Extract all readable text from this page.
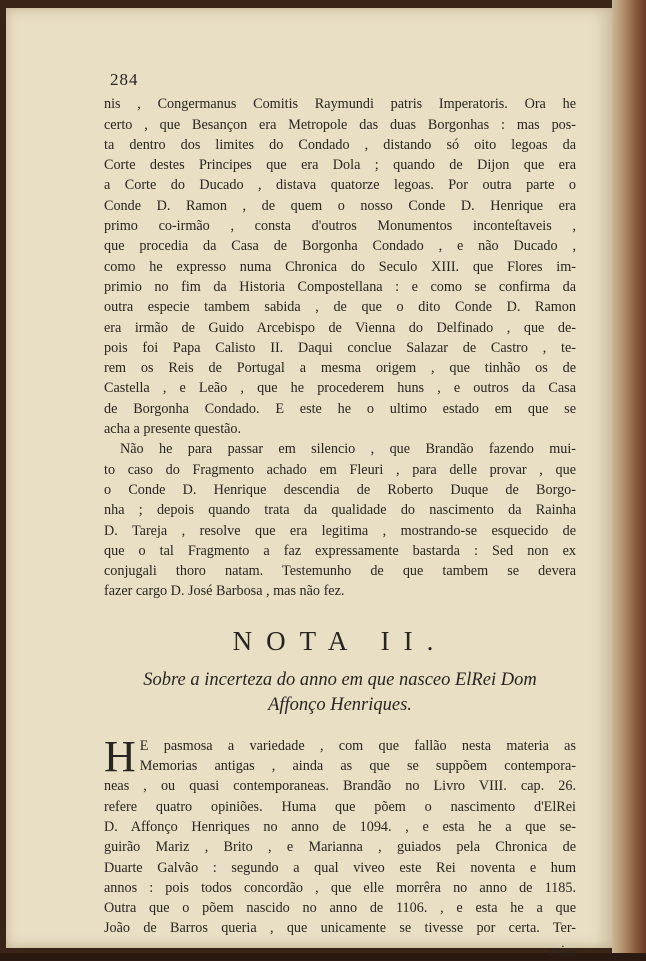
284

nis , Congermanus Comitis Raymundi patris Imperatoris. Ora he
certo , que Besançon era Metropole das duas Borgonhas : mas pos-
ta dentro dos limites do Condado , distando só oito legoas da
Corte destes Principes que era Dola ; quando de Dijon que era
a Corte do Ducado , distava quatorze legoas. Por outra parte o
Conde D. Ramon , de quem o nosso Conde D. Henrique era
primo co-irmão , consta d'outros Monumentos inconteſtaveis ,
que procedia da Casa de Borgonha Condado , e não Ducado ,
como he expresso numa Chronica do Seculo XIII. que Flores im-
primio no fim da Historia Compostellana : e como se confirma da
outra especie tambem sabida , de que o dito Conde D. Ramon
era irmão de Guido Arcebispo de Vienna do Delfinado , que de-
pois foi Papa Calisto II. Daqui conclue Salazar de Castro , te-
rem os Reis de Portugal a mesma origem , que tinhão os de
Castella , e Leão , que he procederem huns , e outros da Casa
de Borgonha Condado. E este he o ultimo estado em que se
acha a presente questão.

Não he para passar em silencio , que Brandão fazendo mui-
to caso do Fragmento achado em Fleuri , para delle provar , que
o Conde D. Henrique descendia de Roberto Duque de Borgo-
nha ; depois quando trata da qualidade do nascimento da Rainha
D. Tareja , resolve que era legitima , mostrando-se esquecido de
que o tal Fragmento a faz expressamente bastarda : Sed non ex
conjugali thoro natam. Testemunho de que tambem se devera
fazer cargo D. José Barbosa , mas não fez.

NOTA II.
Sobre a incerteza do anno em que nasceo ElRei Dom
Affonço Henriques.

H E pasmosa a variedade , com que fallão nesta materia as
Memorias antigas , ainda as que se suppõem contempora-
neas , ou quasi contemporaneas. Brandão no Livro VIII. cap. 26.
refere quatro opiniões. Huma que põem o nascimento d'ElRei
D. Affonço Henriques no anno de 1094. , e esta he a que se-
guirão Mariz , Brito , e Marianna , guiados pela Chronica de
Duarte Galvão : segundo a qual viveo este Rei noventa e hum
annos : pois todos concordão , que elle morrêra no anno de 1185.
Outra que o põem nascido no anno de 1106. , e esta he a que
João de Barros queria , que unicamente se tivesse por certa. Ter-

ceira
